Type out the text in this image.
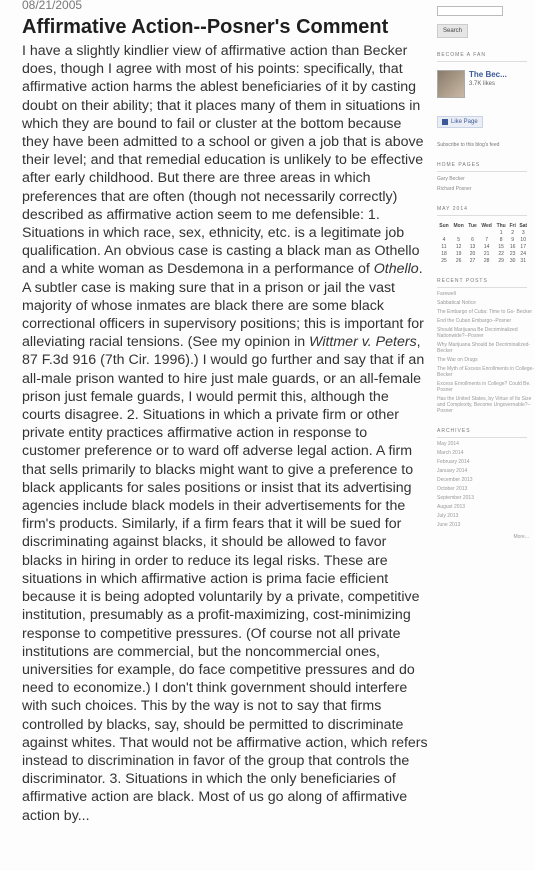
08/21/2005
Affirmative Action--Posner's Comment
I have a slightly kindlier view of affirmative action than Becker does, though I agree with most of his points: specifically, that affirmative action harms the ablest beneficiaries of it by casting doubt on their ability; that it places many of them in situations in which they are bound to fail or cluster at the bottom because they have been admitted to a school or given a job that is above their level; and that remedial education is unlikely to be effective after early childhood. But there are three areas in which preferences that are often (though not necessarily correctly) described as affirmative action seem to me defensible: 1. Situations in which race, sex, ethnicity, etc. is a legitimate job qualification. An obvious case is casting a black man as Othello and a white woman as Desdemona in a performance of Othello. A subtler case is making sure that in a prison or jail the vast majority of whose inmates are black there are some black correctional officers in supervisory positions; this is important for alleviating racial tensions. (See my opinion in Wittmer v. Peters, 87 F.3d 916 (7th Cir. 1996).) I would go further and say that if an all-male prison wanted to hire just male guards, or an all-female prison just female guards, I would permit this, although the courts disagree. 2. Situations in which a private firm or other private entity practices affirmative action in response to customer preference or to ward off adverse legal action. A firm that sells primarily to blacks might want to give a preference to black applicants for sales positions or insist that its advertising agencies include black models in their advertisements for the firm's products. Similarly, if a firm fears that it will be sued for discriminating against blacks, it should be allowed to favor blacks in hiring in order to reduce its legal risks. These are situations in which affirmative action is prima facie efficient because it is being adopted voluntarily by a private, competitive institution, presumably as a profit-maximizing, cost-minimizing response to competitive pressures. (Of course not all private institutions are commercial, but the noncommercial ones, universities for example, do face competitive pressures and do need to economize.) I don't think government should interfere with such choices. This by the way is not to say that firms controlled by blacks, say, should be permitted to discriminate against whites. That would not be affirmative action, which refers instead to discrimination in favor of the group that controls the discriminator. 3. Situations in which the only beneficiaries of affirmative action are black. Most of us go along of affirmative action by...
Search
BECOME A FAN
The Bec...
3.7K likes
Like Page
Subscribe to this blog's feed
HOME PAGES
Gary Becker
Richard Posner
MAY 2014
Sun	Mon	Tue	Wed	Thu	Fri	Sat
				1	2	3
4	5	6	7	8	9	10
11	12	13	14	15	16	17
18	19	20	21	22	23	24
25	26	27	28	29	30	31
RECENT POSTS
Farewell
Sabbatical Notice
The Embargo of Cuba: Time to Go- Becker
End the Cuban Embargo--Posner
Should Marijuana Be Decriminalized Nationwide?--Posner
Why Marijuana Should be Decriminalized- Becker
The War on Drugs
The Myth of Excess Enrollments in College-Becker
Excess Enrollments in College? Could Be. Posner
Has the United States, by Virtue of Its Size and Complexity, Become Ungovernable?--Posner
ARCHIVES
May 2014
March 2014
February 2014
January 2014
December 2013
October 2013
September 2013
August 2013
July 2013
June 2013
More...
